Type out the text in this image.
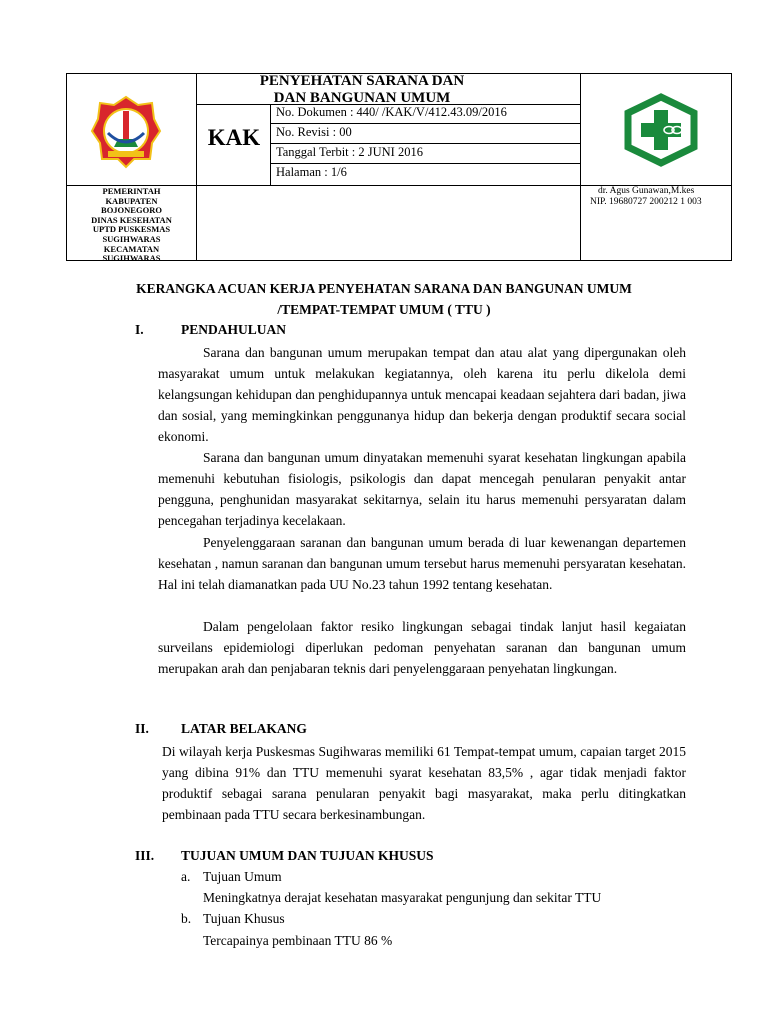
PENYEHATAN SARANA DAN
DAN BANGUNAN UMUM
KAK
No. Dokumen : 440/ /KAK/V/412.43.09/2016
No. Revisi : 00
Tanggal Terbit : 2 JUNI 2016
Halaman : 1/6
PEMERINTAH
KABUPATEN
BOJONEGORO
DINAS KESEHATAN
UPTD PUSKESMAS
SUGIHWARAS
KECAMATAN
SUGIHWARAS
dr. Agus Gunawan,M.kes
NIP. 19680727 200212 1 003
KERANGKA ACUAN KERJA PENYEHATAN SARANA DAN BANGUNAN UMUM
/TEMPAT-TEMPAT UMUM ( TTU )
I.	PENDAHULUAN
Sarana dan bangunan umum merupakan tempat dan atau alat yang dipergunakan oleh masyarakat umum untuk melakukan kegiatannya, oleh karena itu perlu dikelola demi kelangsungan kehidupan dan penghidupannya untuk mencapai keadaan sejahtera dari badan, jiwa dan sosial, yang memingkinkan penggunanya hidup dan bekerja dengan produktif secara social ekonomi.
Sarana dan bangunan umum dinyatakan memenuhi syarat kesehatan lingkungan apabila memenuhi kebutuhan fisiologis, psikologis dan dapat mencegah penularan penyakit antar pengguna, penghunidan masyarakat sekitarnya, selain itu harus memenuhi persyaratan dalam pencegahan terjadinya kecelakaan.
Penyelenggaraan saranan dan bangunan umum berada di luar kewenangan departemen kesehatan , namun saranan dan bangunan umum tersebut harus memenuhi persyaratan kesehatan. Hal ini telah diamanatkan pada UU No.23 tahun 1992 tentang kesehatan.
Dalam pengelolaan faktor resiko lingkungan sebagai tindak lanjut hasil kegaiatan surveilans epidemiologi diperlukan pedoman penyehatan saranan dan bangunan umum merupakan arah dan penjabaran teknis dari penyelenggaraan penyehatan lingkungan.
II. LATAR BELAKANG
Di wilayah kerja Puskesmas Sugihwaras memiliki 61 Tempat-tempat umum, capaian target 2015 yang dibina 91% dan TTU memenuhi syarat kesehatan 83,5% , agar tidak menjadi faktor produktif sebagai sarana penularan penyakit bagi masyarakat, maka perlu ditingkatkan pembinaan pada TTU secara berkesinambungan.
III. TUJUAN UMUM DAN TUJUAN KHUSUS
a. Tujuan Umum
Meningkatnya derajat kesehatan masyarakat pengunjung dan sekitar TTU
b. Tujuan Khusus
Tercapainya pembinaan TTU 86 %
